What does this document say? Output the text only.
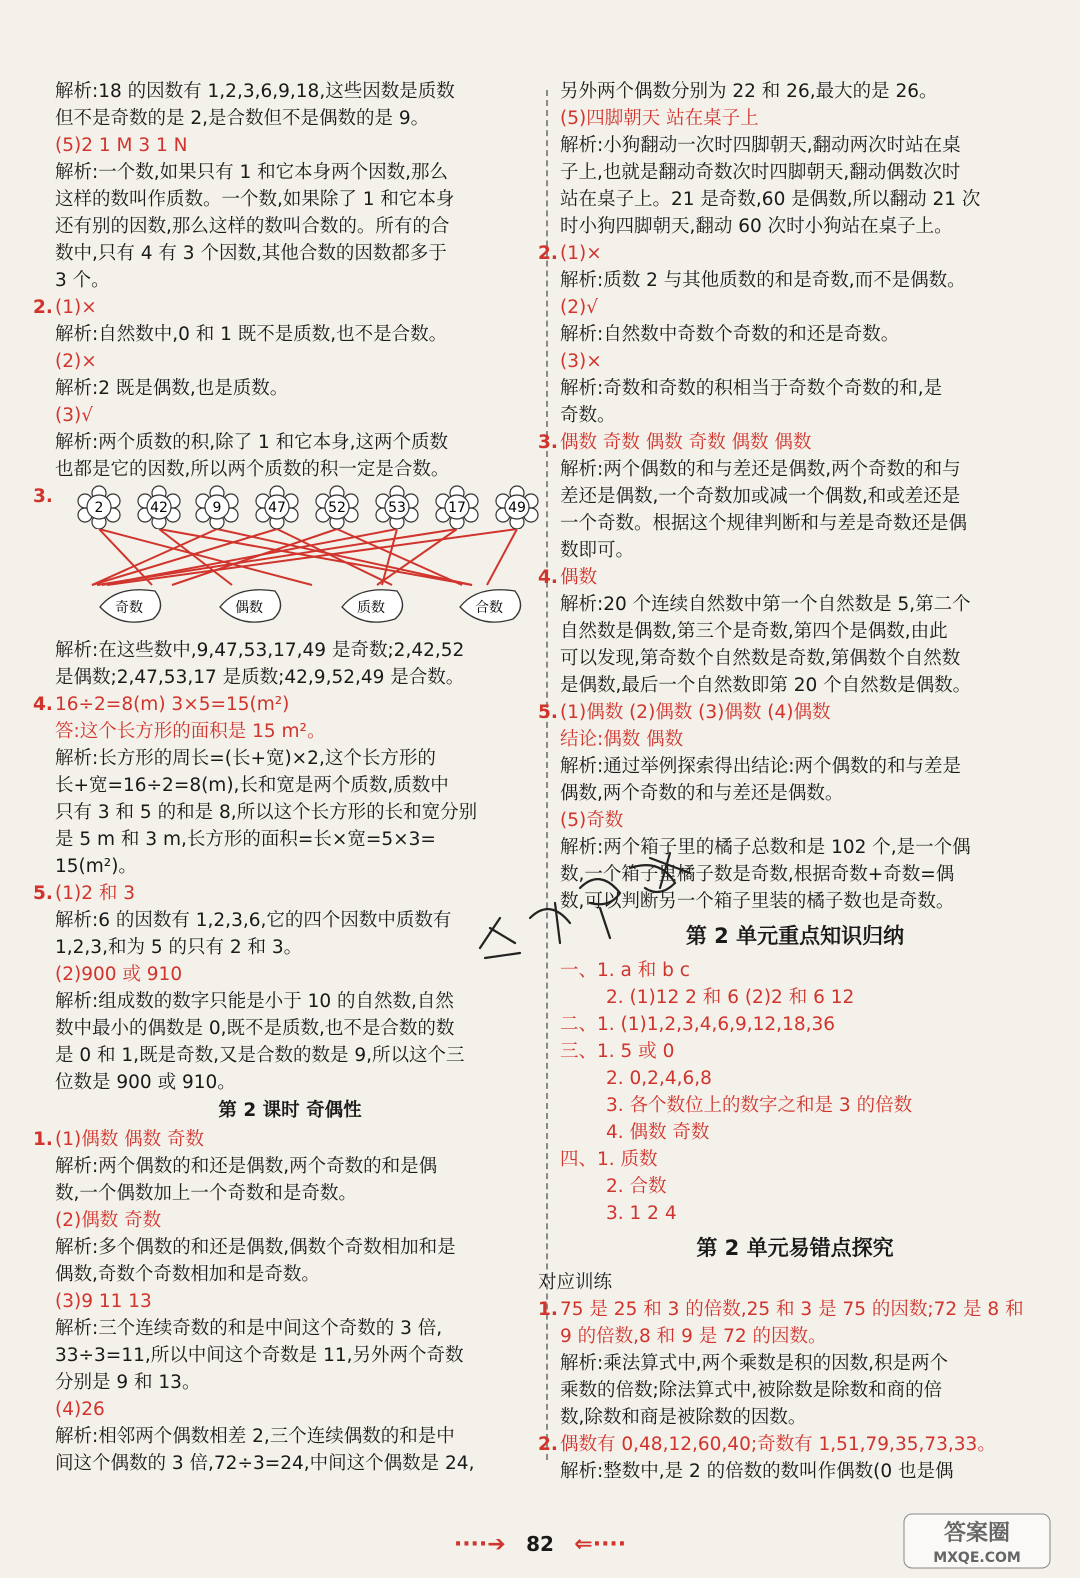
解析:18 的因数有 1,2,3,6,9,18,这些因数是质数

但不是奇数的是 2,是合数但不是偶数的是 9。

(5)2 1 M 3 1 N

解析:一个数,如果只有 1 和它本身两个因数,那么

这样的数叫作质数。一个数,如果除了 1 和它本身

还有别的因数,那么这样的数叫合数的。所有的合

数中,只有 4 有 3 个因数,其他合数的因数都多于

3 个。

2. (1)×

解析:自然数中,0 和 1 既不是质数,也不是合数。

(2)×

解析:2 既是偶数,也是质数。

(3)√

解析:两个质数的积,除了 1 和它本身,这两个质数

也都是它的因数,所以两个质数的积一定是合数。

3.

2	42	9	47	52	53	17	49
奇数	偶数	质数	合数

解析:在这些数中,9,47,53,17,49 是奇数;2,42,52

是偶数;2,47,53,17 是质数;42,9,52,49 是合数。

4. 16÷2=8(m) 3×5=15(m²)

答:这个长方形的面积是 15 m²。

解析:长方形的周长=(长+宽)×2,这个长方形的

长+宽=16÷2=8(m),长和宽是两个质数,质数中

只有 3 和 5 的和是 8,所以这个长方形的长和宽分别

是 5 m 和 3 m,长方形的面积=长×宽=5×3=

15(m²)。

5. (1)2 和 3

解析:6 的因数有 1,2,3,6,它的四个因数中质数有

1,2,3,和为 5 的只有 2 和 3。

(2)900 或 910

解析:组成数的数字只能是小于 10 的自然数,自然

数中最小的偶数是 0,既不是质数,也不是合数的数

是 0 和 1,既是奇数,又是合数的数是 9,所以这个三

位数是 900 或 910。

第 2 课时 奇偶性

1. (1)偶数 偶数 奇数

解析:两个偶数的和还是偶数,两个奇数的和是偶

数,一个偶数加上一个奇数和是奇数。

(2)偶数 奇数

解析:多个偶数的和还是偶数,偶数个奇数相加和是

偶数,奇数个奇数相加和是奇数。

(3)9 11 13

解析:三个连续奇数的和是中间这个奇数的 3 倍,

33÷3=11,所以中间这个奇数是 11,另外两个奇数

分别是 9 和 13。

(4)26

解析:相邻两个偶数相差 2,三个连续偶数的和是中

间这个偶数的 3 倍,72÷3=24,中间这个偶数是 24,

另外两个偶数分别为 22 和 26,最大的是 26。

(5)四脚朝天 站在桌子上

解析:小狗翻动一次时四脚朝天,翻动两次时站在桌

子上,也就是翻动奇数次时四脚朝天,翻动偶数次时

站在桌子上。21 是奇数,60 是偶数,所以翻动 21 次

时小狗四脚朝天,翻动 60 次时小狗站在桌子上。

2. (1)×

解析:质数 2 与其他质数的和是奇数,而不是偶数。

(2)√

解析:自然数中奇数个奇数的和还是奇数。

(3)×

解析:奇数和奇数的积相当于奇数个奇数的和,是

奇数。

3. 偶数 奇数 偶数 奇数 偶数 偶数

解析:两个偶数的和与差还是偶数,两个奇数的和与

差还是偶数,一个奇数加或减一个偶数,和或差还是

一个奇数。根据这个规律判断和与差是奇数还是偶

数即可。

4. 偶数

解析:20 个连续自然数中第一个自然数是 5,第二个

自然数是偶数,第三个是奇数,第四个是偶数,由此

可以发现,第奇数个自然数是奇数,第偶数个自然数

是偶数,最后一个自然数即第 20 个自然数是偶数。

5. (1)偶数 (2)偶数 (3)偶数 (4)偶数

结论:偶数 偶数

解析:通过举例探索得出结论:两个偶数的和与差是

偶数,两个奇数的和与差还是偶数。

(5)奇数

解析:两个箱子里的橘子总数和是 102 个,是一个偶

数,一个箱子里橘子数是奇数,根据奇数+奇数=偶

数,可以判断另一个箱子里装的橘子数也是奇数。

第 2 单元重点知识归纳

一、1. a 和 b c

2. (1)12 2 和 6 (2)2 和 6 12

二、1. (1)1,2,3,4,6,9,12,18,36

三、1. 5 或 0

2. 0,2,4,6,8

3. 各个数位上的数字之和是 3 的倍数

4. 偶数 奇数

四、1. 质数

2. 合数

3. 1 2 4

第 2 单元易错点探究

对应训练

1. 75 是 25 和 3 的倍数,25 和 3 是 75 的因数;72 是 8 和

9 的倍数,8 和 9 是 72 的因数。

解析:乘法算式中,两个乘数是积的因数,积是两个

乘数的倍数;除法算式中,被除数是除数和商的倍

数,除数和商是被除数的因数。

2. 偶数有 0,48,12,60,40;奇数有 1,51,79,35,73,33。

解析:整数中,是 2 的倍数的数叫作偶数(0 也是偶

····➔ 82 ⇐····	答案圈
MXQE.COM
